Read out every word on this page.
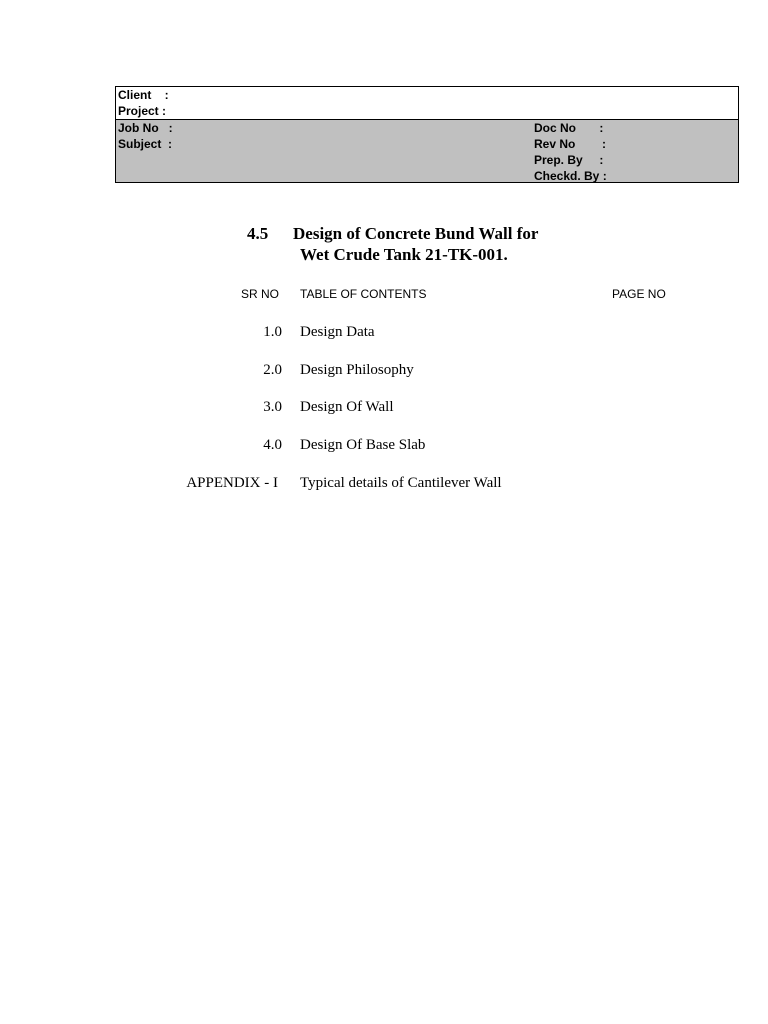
Client    :
Project :
Job No   :
Subject  :
Doc No       :
Rev No        :
Prep. By     :
Checkd. By :
4.5 Design of Concrete Bund Wall for
Wet Crude Tank 21-TK-001.
SR NO TABLE OF CONTENTS	PAGE NO
1.0 Design Data
2.0 Design Philosophy
3.0 Design Of Wall
4.0 Design Of Base Slab
APPENDIX - I Typical details of Cantilever Wall
